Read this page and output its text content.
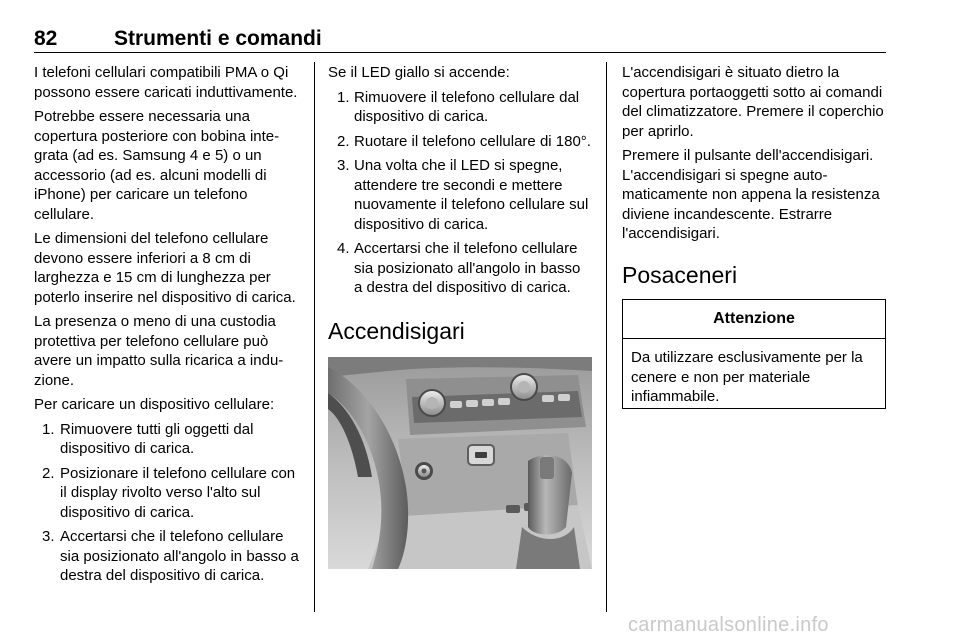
82	Strumenti e comandi

I telefoni cellulari compatibili PMA o Qi possono essere caricati induttivamente.

Potrebbe essere necessaria una copertura posteriore con bobina integrata (ad es. Samsung 4 e 5) o un accessorio (ad es. alcuni modelli di iPhone) per caricare un telefono cellulare.

Le dimensioni del telefono cellulare devono essere inferiori a 8 cm di larghezza e 15 cm di lunghezza per poterlo inserire nel dispositivo di carica.

La presenza o meno di una custodia protettiva per telefono cellulare può avere un impatto sulla ricarica a induzione.

Per caricare un dispositivo cellulare:

1. Rimuovere tutti gli oggetti dal dispositivo di carica.
2. Posizionare il telefono cellulare con il display rivolto verso l'alto sul dispositivo di carica.
3. Accertarsi che il telefono cellulare sia posizionato all'angolo in basso a destra del dispositivo di carica.

Se il LED giallo si accende:

1. Rimuovere il telefono cellulare dal dispositivo di carica.
2. Ruotare il telefono cellulare di 180°.
3. Una volta che il LED si spegne, attendere tre secondi e mettere nuovamente il telefono cellulare sul dispositivo di carica.
4. Accertarsi che il telefono cellulare sia posizionato all'angolo in basso a destra del dispositivo di carica.
Accendisigari

L'accendisigari è situato dietro la copertura portaoggetti sotto ai comandi del climatizzatore. Premere il coperchio per aprirlo.

Premere il pulsante dell'accendisigari. L'accendisigari si spegne automaticamente non appena la resistenza diviene incandescente. Estrarre l'accendisigari.

Posaceneri
Attenzione
Da utilizzare esclusivamente per la cenere e non per materiale infiammabile.
carmanualsonline.info
